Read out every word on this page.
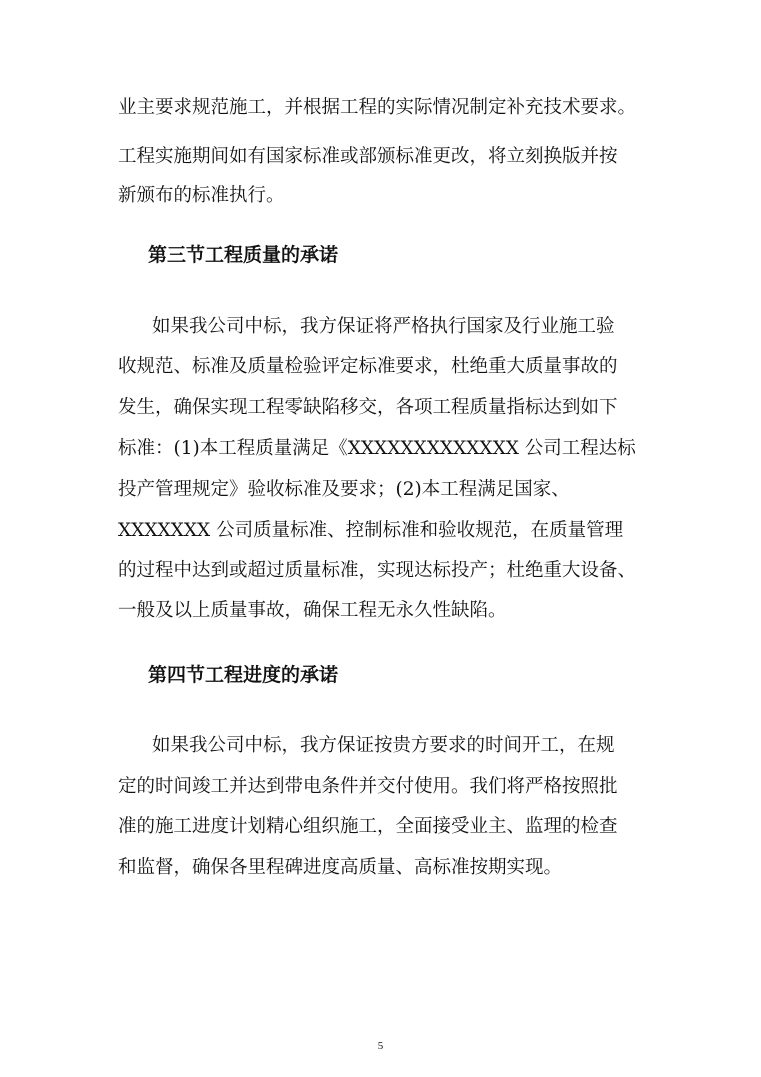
业主要求规范施工，并根据工程的实际情况制定补充技术要求。
工程实施期间如有国家标准或部颁标准更改，将立刻换版并按
新颁布的标准执行。
第三节工程质量的承诺
如果我公司中标，我方保证将严格执行国家及行业施工验
收规范、标准及质量检验评定标准要求，杜绝重大质量事故的
发生，确保实现工程零缺陷移交，各项工程质量指标达到如下
标准：(1)本工程质量满足《XXXXXXXXXXXXX 公司工程达标
投产管理规定》验收标准及要求；(2)本工程满足国家、
XXXXXXX 公司质量标准、控制标准和验收规范，在质量管理
的过程中达到或超过质量标准，实现达标投产；杜绝重大设备、
一般及以上质量事故，确保工程无永久性缺陷。
第四节工程进度的承诺
如果我公司中标，我方保证按贵方要求的时间开工，在规
定的时间竣工并达到带电条件并交付使用。我们将严格按照批
准的施工进度计划精心组织施工，全面接受业主、监理的检查
和监督，确保各里程碑进度高质量、高标准按期实现。
5
